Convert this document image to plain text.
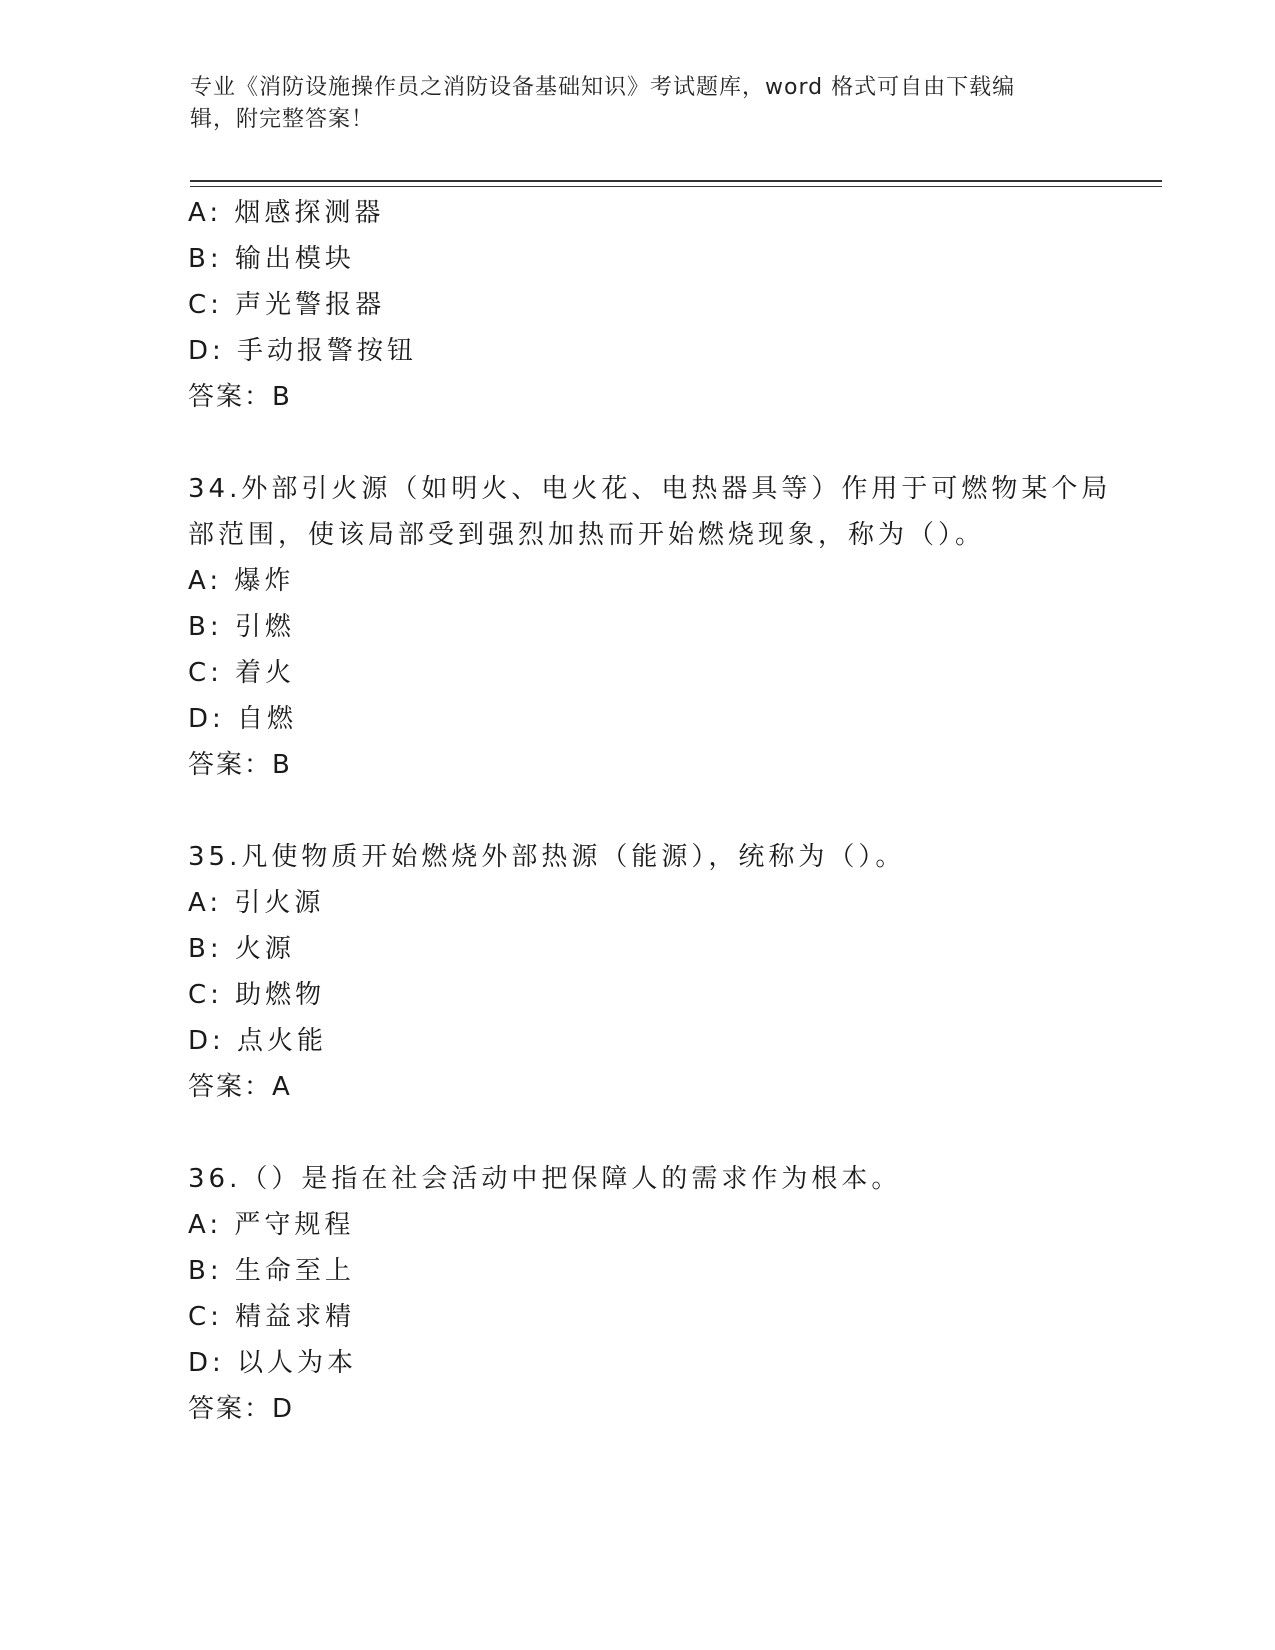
专业《消防设施操作员之消防设备基础知识》考试题库，word 格式可自由下载编
辑，附完整答案！
A: 烟感探测器
B: 输出模块
C: 声光警报器
D: 手动报警按钮
答案：B
34.外部引火源（如明火、电火花、电热器具等）作用于可燃物某个局
部范围，使该局部受到强烈加热而开始燃烧现象，称为（）。
A: 爆炸
B: 引燃
C: 着火
D: 自燃
答案：B
35.凡使物质开始燃烧外部热源（能源），统称为（）。
A: 引火源
B: 火源
C: 助燃物
D: 点火能
答案：A
36.（）是指在社会活动中把保障人的需求作为根本。
A: 严守规程
B: 生命至上
C: 精益求精
D: 以人为本
答案：D
